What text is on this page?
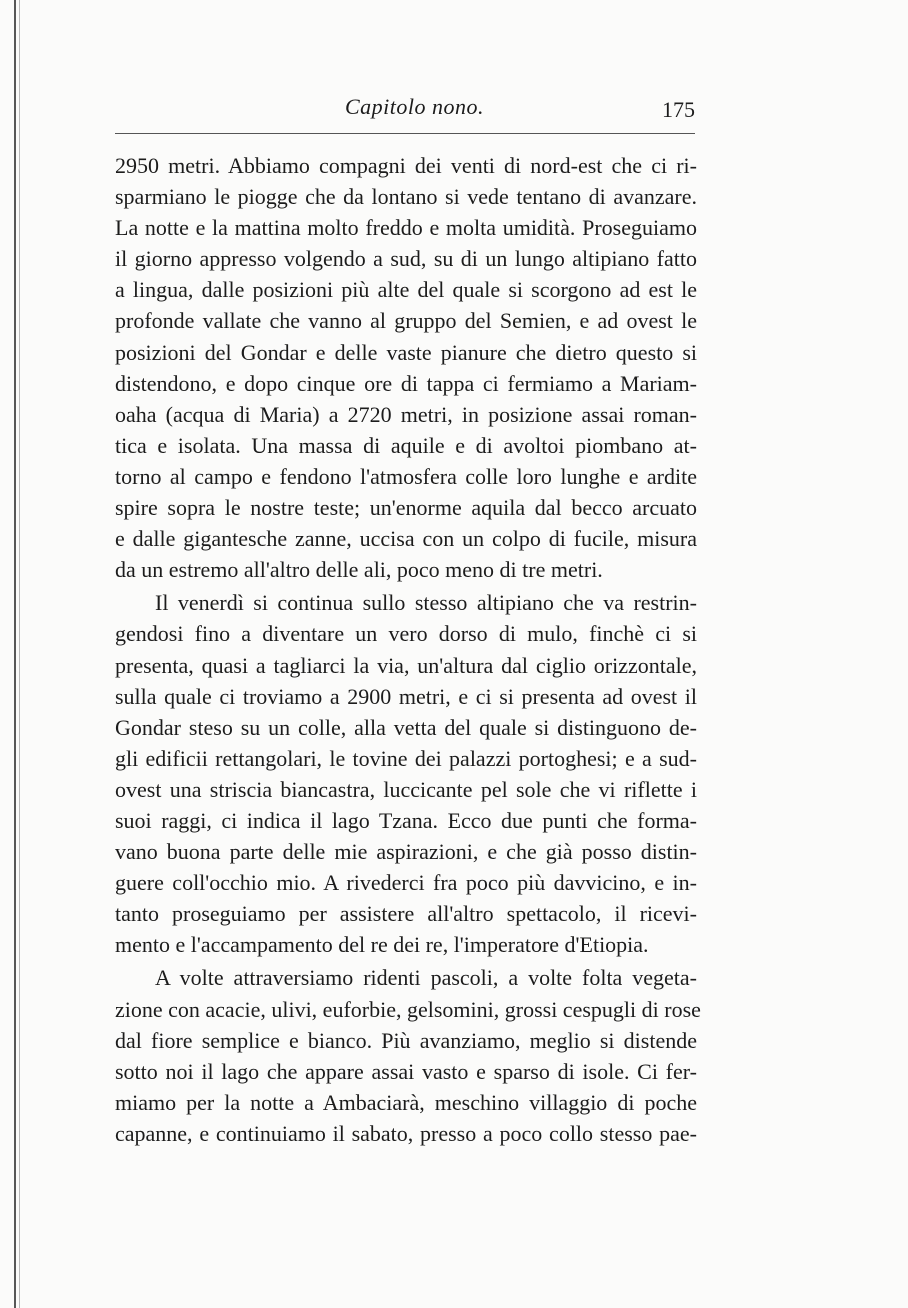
Capitolo nono.	175
2950 metri. Abbiamo compagni dei venti di nord-est che ci ri-
sparmiano le piogge che da lontano si vede tentano di avanzare.
La notte e la mattina molto freddo e molta umidità. Proseguiamo
il giorno appresso volgendo a sud, su di un lungo altipiano fatto
a lingua, dalle posizioni più alte del quale si scorgono ad est le
profonde vallate che vanno al gruppo del Semien, e ad ovest le
posizioni del Gondar e delle vaste pianure che dietro questo si
distendono, e dopo cinque ore di tappa ci fermiamo a Mariam-
oaha (acqua di Maria) a 2720 metri, in posizione assai roman-
tica e isolata. Una massa di aquile e di avoltoi piombano at-
torno al campo e fendono l'atmosfera colle loro lunghe e ardite
spire sopra le nostre teste; un'enorme aquila dal becco arcuato
e dalle gigantesche zanne, uccisa con un colpo di fucile, misura
da un estremo all'altro delle ali, poco meno di tre metri.
Il venerdì si continua sullo stesso altipiano che va restrin-
gendosi fino a diventare un vero dorso di mulo, finchè ci si
presenta, quasi a tagliarci la via, un'altura dal ciglio orizzontale,
sulla quale ci troviamo a 2900 metri, e ci si presenta ad ovest il
Gondar steso su un colle, alla vetta del quale si distinguono de-
gli edificii rettangolari, le tovine dei palazzi portoghesi; e a sud-
ovest una striscia biancastra, luccicante pel sole che vi riflette i
suoi raggi, ci indica il lago Tzana. Ecco due punti che forma-
vano buona parte delle mie aspirazioni, e che già posso distin-
guere coll'occhio mio. A rivederci fra poco più davvicino, e in-
tanto proseguiamo per assistere all'altro spettacolo, il ricevi-
mento e l'accampamento del re dei re, l'imperatore d'Etiopia.
A volte attraversiamo ridenti pascoli, a volte folta vegeta-
zione con acacie, ulivi, euforbie, gelsomini, grossi cespugli di rose
dal fiore semplice e bianco. Più avanziamo, meglio si distende
sotto noi il lago che appare assai vasto e sparso di isole. Ci fer-
miamo per la notte a Ambaciarà, meschino villaggio di poche
capanne, e continuiamo il sabato, presso a poco collo stesso pae-
